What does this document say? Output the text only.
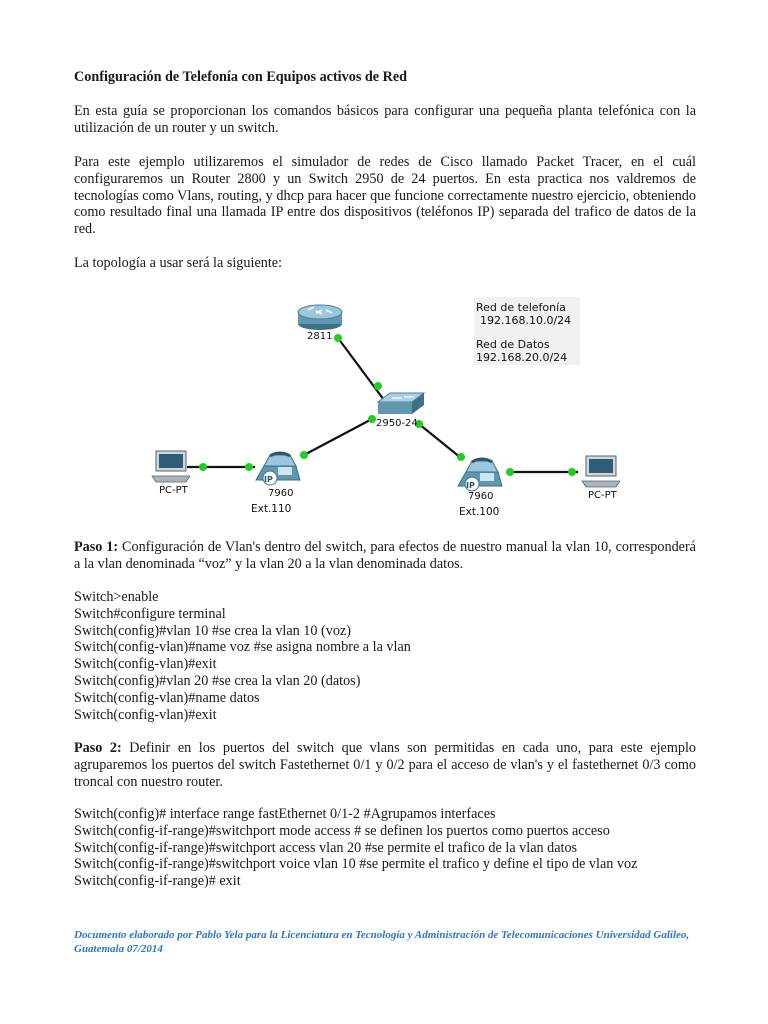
Configuración de Telefonía con Equipos activos de Red
En esta guía se proporcionan los comandos básicos para configurar una pequeña planta telefónica con la utilización de un router y un switch.
Para este ejemplo utilizaremos el simulador de redes de Cisco llamado Packet Tracer, en el cuál configuraremos un Router 2800 y un Switch 2950 de 24 puertos. En esta practica nos valdremos de tecnologías como Vlans, routing, y dhcp para hacer que funcione correctamente nuestro ejercicio, obteniendo como resultado final una llamada IP entre dos dispositivos (teléfonos IP) separada del trafico de datos de la red.
La topología a usar será la siguiente:
2811
2950-24
PC-PT	PC-PT
IP
7960
Ext.110
IP
7960
Ext.100
Red de telefonía
192.168.10.0/24
Red de Datos
192.168.20.0/24
Paso 1: Configuración de Vlan's dentro del switch, para efectos de nuestro manual la vlan 10, corresponderá a la vlan denominada “voz” y la vlan 20 a la vlan denominada datos.
Switch>enable
Switch#configure terminal
Switch(config)#vlan 10 #se crea la vlan 10 (voz)
Switch(config-vlan)#name voz #se asigna nombre a la vlan
Switch(config-vlan)#exit
Switch(config)#vlan 20 #se crea la vlan 20 (datos)
Switch(config-vlan)#name datos
Switch(config-vlan)#exit
Paso 2: Definir en los puertos del switch que vlans son permitidas en cada uno, para este ejemplo agruparemos los puertos del switch Fastethernet 0/1 y 0/2 para el acceso de vlan's y el fastethernet 0/3 como troncal con nuestro router.
Switch(config)# interface range fastEthernet 0/1-2 #Agrupamos interfaces
Switch(config-if-range)#switchport mode access # se definen los puertos como puertos acceso
Switch(config-if-range)#switchport access vlan 20 #se permite el trafico de la vlan datos
Switch(config-if-range)#switchport voice vlan 10 #se permite el trafico y define el tipo de vlan voz
Switch(config-if-range)# exit
Documento elaborado por Pablo Yela para la Licenciatura en Tecnología y Administración de Telecomunicaciones Universidad Galileo, Guatemala 07/2014
